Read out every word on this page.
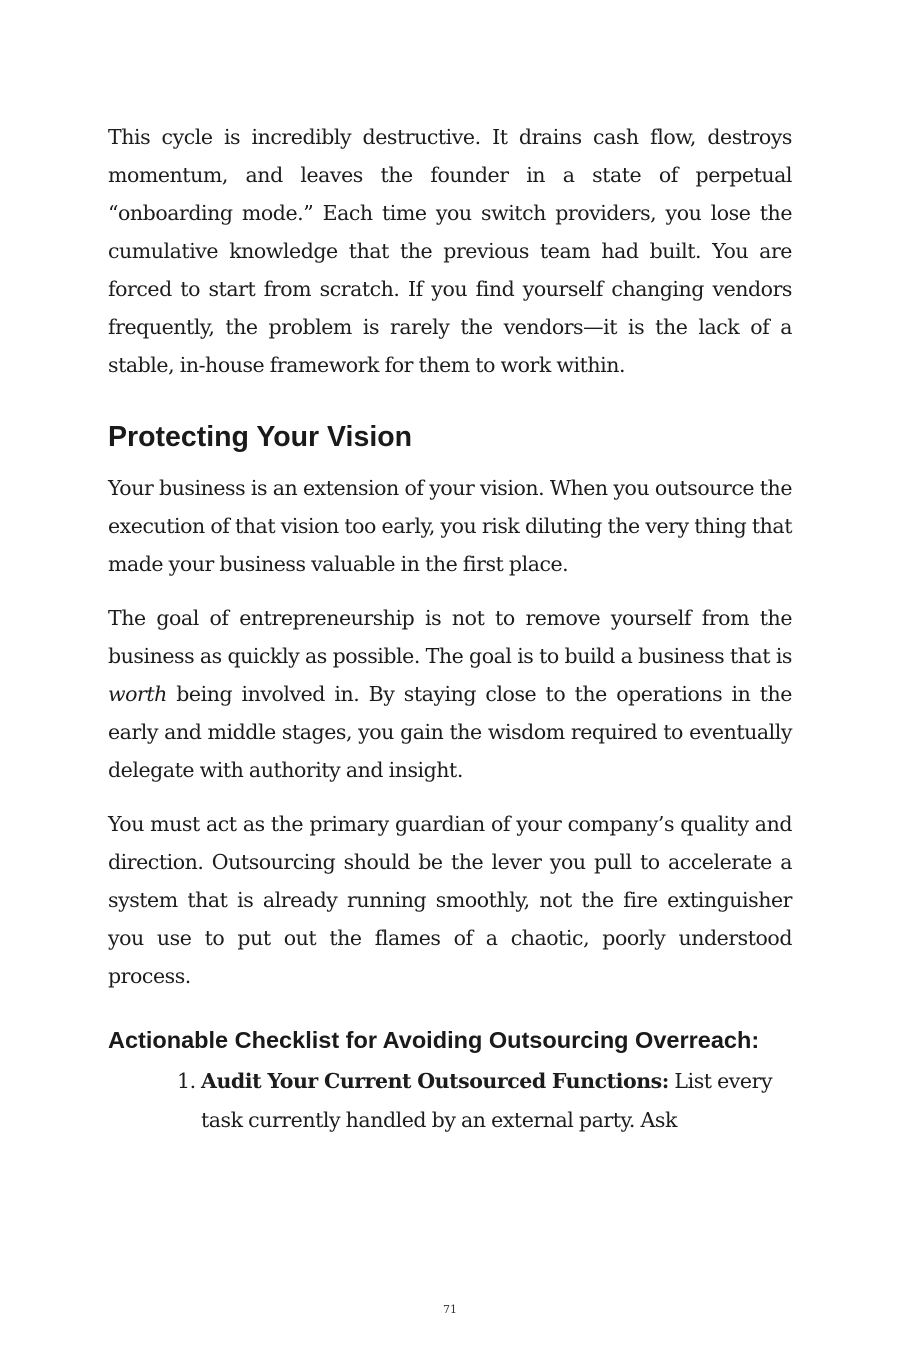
This cycle is incredibly destructive. It drains cash flow, destroys momentum, and leaves the founder in a state of perpetual “onboarding mode.” Each time you switch providers, you lose the cumulative knowledge that the previous team had built. You are forced to start from scratch. If you find yourself changing vendors frequently, the problem is rarely the vendors—it is the lack of a stable, in-house framework for them to work within.

Protecting Your Vision

Your business is an extension of your vision. When you outsource the execution of that vision too early, you risk diluting the very thing that made your business valuable in the first place.

The goal of entrepreneurship is not to remove yourself from the business as quickly as possible. The goal is to build a business that is worth being involved in. By staying close to the operations in the early and middle stages, you gain the wisdom required to eventually delegate with authority and insight.

You must act as the primary guardian of your company’s quality and direction. Outsourcing should be the lever you pull to accelerate a system that is already running smoothly, not the fire extinguisher you use to put out the flames of a chaotic, poorly understood process.

Actionable Checklist for Avoiding Outsourcing Overreach:
1. Audit Your Current Outsourced Functions: List every task currently handled by an external party. Ask
71
